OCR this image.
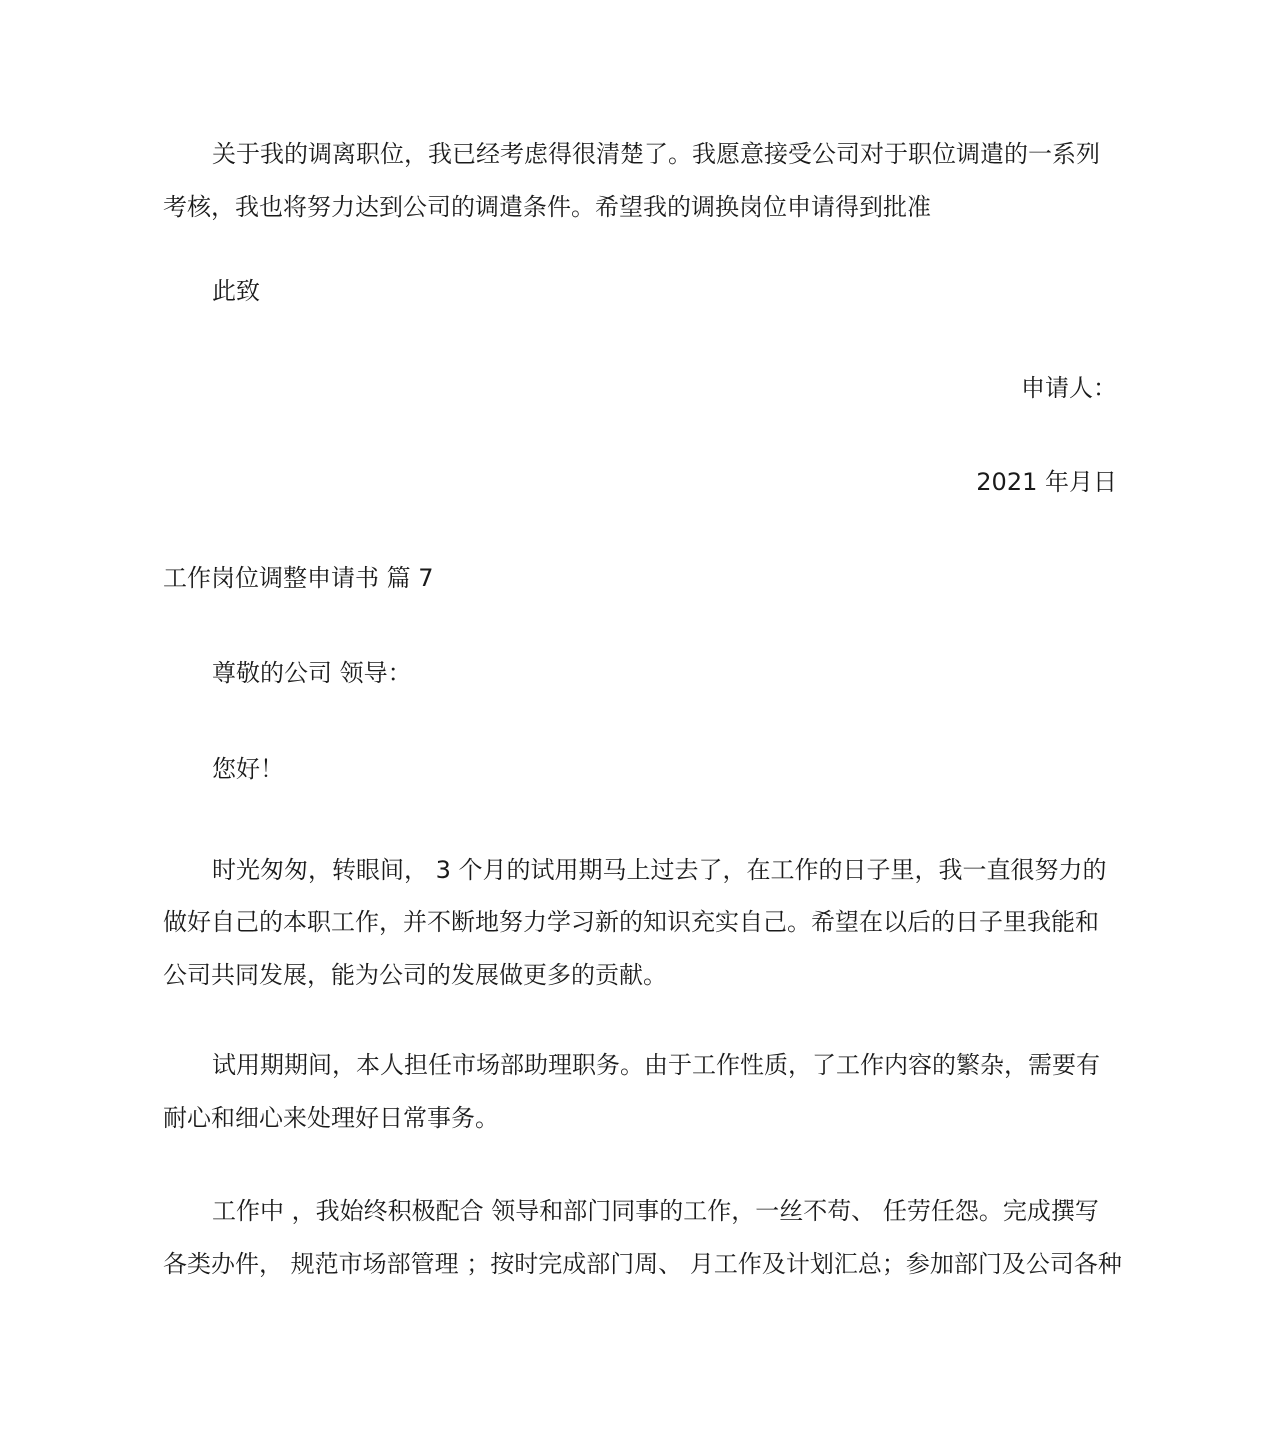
关于我的调离职位，我已经考虑得很清楚了。我愿意接受公司对于职位调遣的一系列

考核，我也将努力达到公司的调遣条件。希望我的调换岗位申请得到批准

此致

申请人：

2021 年月日

工作岗位调整申请书 篇 7

尊敬的公司 领导：

您好！

时光匆匆，转眼间， 3 个月的试用期马上过去了，在工作的日子里，我一直很努力的

做好自己的本职工作，并不断地努力学习新的知识充实自己。希望在以后的日子里我能和

公司共同发展，能为公司的发展做更多的贡献。

试用期期间，本人担任市场部助理职务。由于工作性质，了工作内容的繁杂，需要有

耐心和细心来处理好日常事务。

工作中 ，我始终积极配合 领导和部门同事的工作，一丝不苟、 任劳任怨。完成撰写

各类办件， 规范市场部管理 ；按时完成部门周、 月工作及计划汇总；参加部门及公司各种
